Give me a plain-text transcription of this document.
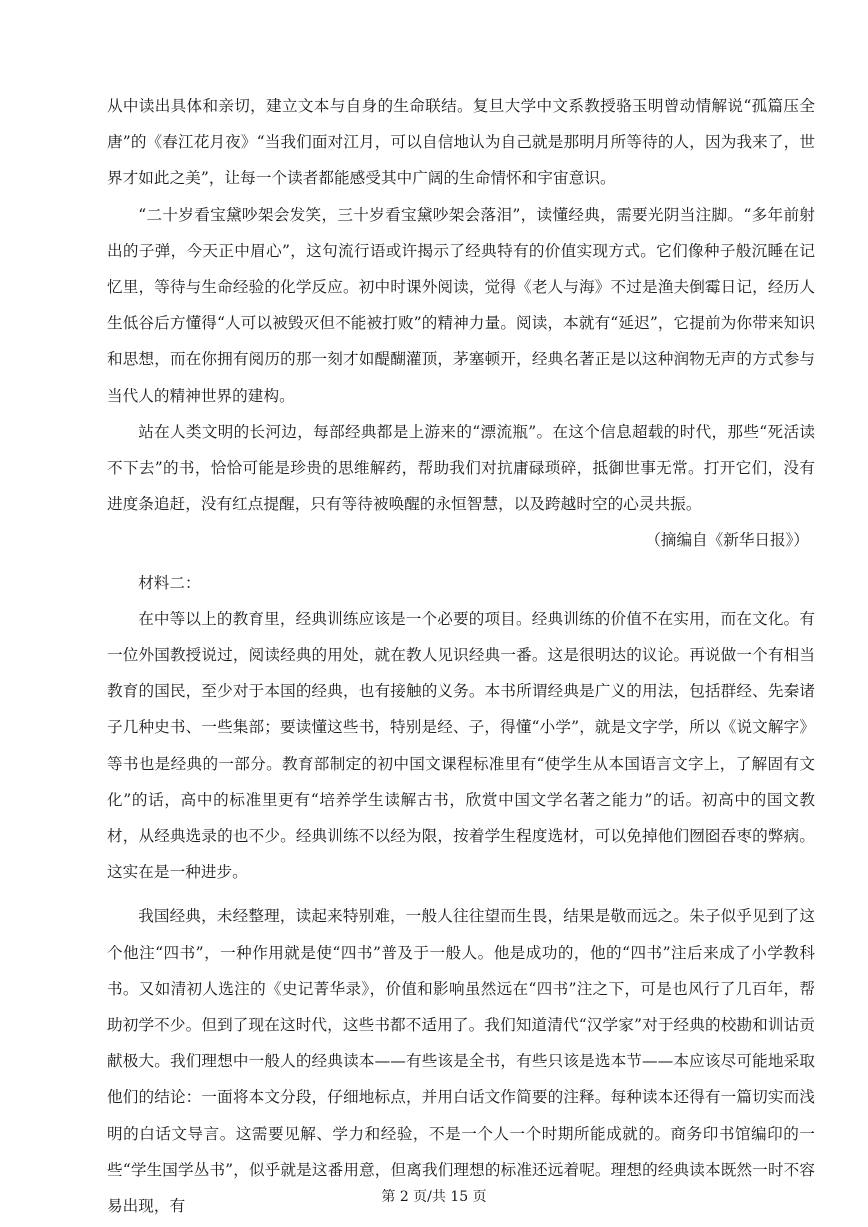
从中读出具体和亲切，建立文本与自身的生命联结。复旦大学中文系教授骆玉明曾动情解说“孤篇压全唐”的《春江花月夜》“当我们面对江月，可以自信地认为自己就是那明月所等待的人，因为我来了，世界才如此之美”，让每一个读者都能感受其中广阔的生命情怀和宇宙意识。

“二十岁看宝黛吵架会发笑，三十岁看宝黛吵架会落泪”，读懂经典，需要光阴当注脚。“多年前射出的子弹，今天正中眉心”，这句流行语或许揭示了经典特有的价值实现方式。它们像种子般沉睡在记忆里，等待与生命经验的化学反应。初中时课外阅读，觉得《老人与海》不过是渔夫倒霉日记，经历人生低谷后方懂得“人可以被毁灭但不能被打败”的精神力量。阅读，本就有“延迟”，它提前为你带来知识和思想，而在你拥有阅历的那一刻才如醍醐灌顶，茅塞顿开，经典名著正是以这种润物无声的方式参与当代人的精神世界的建构。

站在人类文明的长河边，每部经典都是上游来的“漂流瓶”。在这个信息超载的时代，那些“死活读不下去”的书，恰恰可能是珍贵的思维解药，帮助我们对抗庸碌琐碎，抵御世事无常。打开它们，没有进度条追赶，没有红点提醒，只有等待被唤醒的永恒智慧，以及跨越时空的心灵共振。

（摘编自《新华日报》）

材料二：

在中等以上的教育里，经典训练应该是一个必要的项目。经典训练的价值不在实用，而在文化。有一位外国教授说过，阅读经典的用处，就在教人见识经典一番。这是很明达的议论。再说做一个有相当教育的国民，至少对于本国的经典，也有接触的义务。本书所谓经典是广义的用法，包括群经、先秦诸子几种史书、一些集部；要读懂这些书，特别是经、子，得懂“小学”，就是文字学，所以《说文解字》等书也是经典的一部分。教育部制定的初中国文课程标准里有“使学生从本国语言文字上，了解固有文化”的话，高中的标准里更有“培养学生读解古书，欣赏中国文学名著之能力”的话。初高中的国文教材，从经典选录的也不少。经典训练不以经为限，按着学生程度选材，可以免掉他们囫囵吞枣的弊病。这实在是一种进步。

我国经典，未经整理，读起来特别难，一般人往往望而生畏，结果是敬而远之。朱子似乎见到了这个他注“四书”，一种作用就是使“四书”普及于一般人。他是成功的，他的“四书”注后来成了小学教科书。又如清初人选注的《史记菁华录》，价值和影响虽然远在“四书”注之下，可是也风行了几百年，帮助初学不少。但到了现在这时代，这些书都不适用了。我们知道清代“汉学家”对于经典的校勘和训诂贡献极大。我们理想中一般人的经典读本——有些该是全书，有些只该是选本节——本应该尽可能地采取他们的结论：一面将本文分段，仔细地标点，并用白话文作简要的注释。每种读本还得有一篇切实而浅明的白话文导言。这需要见解、学力和经验，不是一个人一个时期所能成就的。商务印书馆编印的一些“学生国学丛书”，似乎就是这番用意，但离我们理想的标准还远着呢。理想的经典读本既然一时不容易出现，有

第 2 页/共 15 页
